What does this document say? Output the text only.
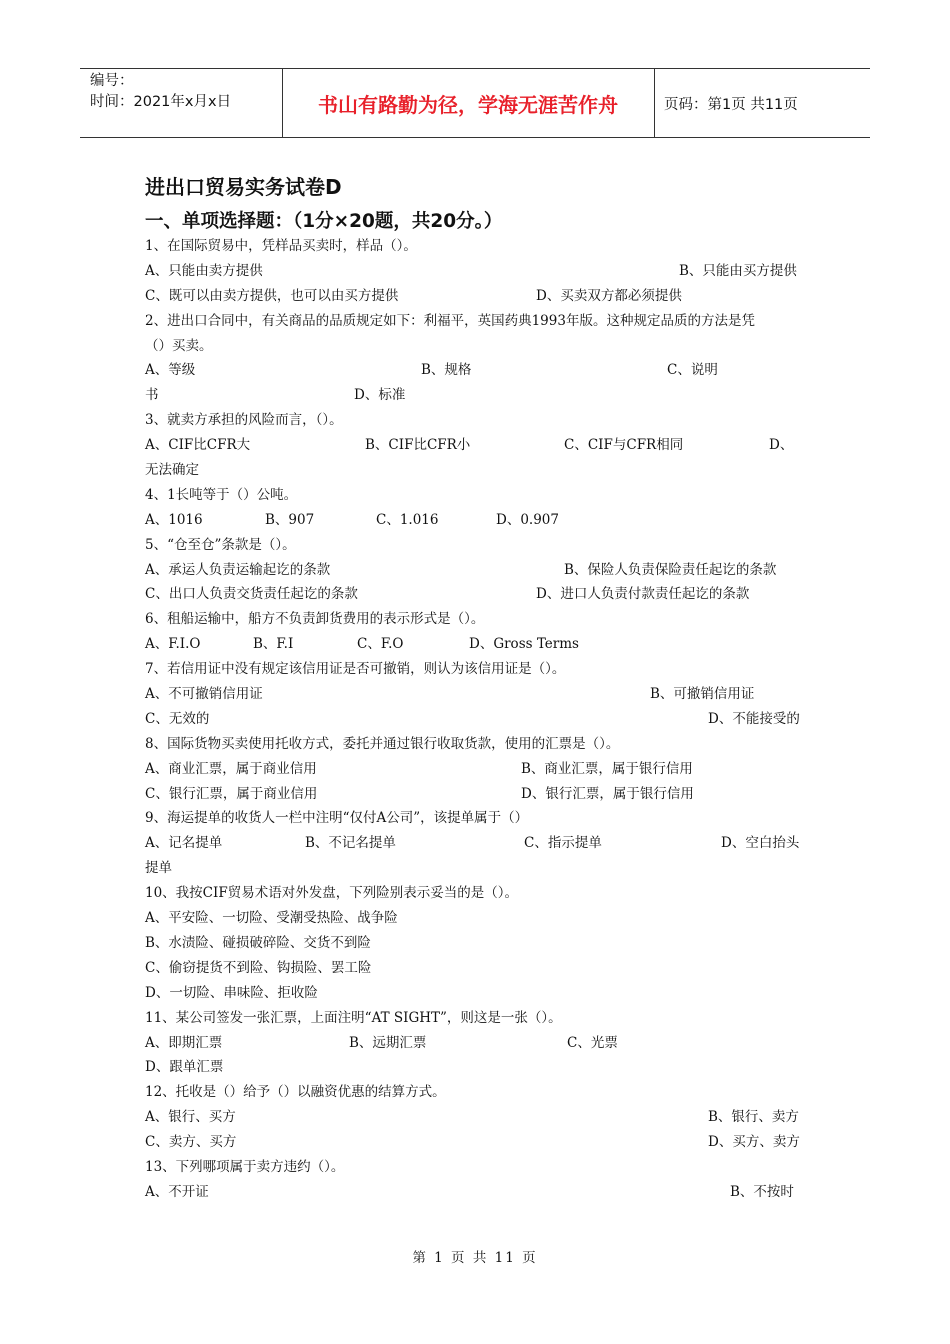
编号：
时间：2021年x月x日	书山有路勤为径，学海无涯苦作舟	页码：第1页 共11页
进出口贸易实务试卷D
一、单项选择题：（1分×20题，共20分。）
1、在国际贸易中，凭样品买卖时，样品（）。
A、只能由卖方提供	B、只能由买方提供
C、既可以由卖方提供，也可以由买方提供	D、买卖双方都必须提供
2、进出口合同中，有关商品的品质规定如下：利福平，英国药典1993年版。这种规定品质的方法是凭
（）买卖。
A、等级	B、规格	C、说明
书	D、标准
3、就卖方承担的风险而言，（）。
A、CIF比CFR大	B、CIF比CFR小	C、CIF与CFR相同	D、
无法确定
4、1长吨等于（）公吨。
A、1016	B、907	C、1.016	D、0.907
5、“仓至仓”条款是（）。
A、承运人负责运输起讫的条款	B、保险人负责保险责任起讫的条款
C、出口人负责交货责任起讫的条款	D、进口人负责付款责任起讫的条款
6、租船运输中，船方不负责卸货费用的表示形式是（）。
A、F.I.O	B、F.I	C、F.O	D、Gross Terms
7、若信用证中没有规定该信用证是否可撤销，则认为该信用证是（）。
A、不可撤销信用证	B、可撤销信用证
C、无效的	D、不能接受的
8、国际货物买卖使用托收方式，委托并通过银行收取货款，使用的汇票是（）。
A、商业汇票，属于商业信用	B、商业汇票，属于银行信用
C、银行汇票，属于商业信用	D、银行汇票，属于银行信用
9、海运提单的收货人一栏中注明“仅付A公司”，该提单属于（）
A、记名提单	B、不记名提单	C、指示提单	D、空白抬头
提单
10、我按CIF贸易术语对外发盘，下列险别表示妥当的是（）。
A、平安险、一切险、受潮受热险、战争险
B、水渍险、碰损破碎险、交货不到险
C、偷窃提货不到险、钩损险、罢工险
D、一切险、串味险、拒收险
11、某公司签发一张汇票，上面注明“AT SIGHT”，则这是一张（）。
A、即期汇票	B、远期汇票	C、光票
D、跟单汇票
12、托收是（）给予（）以融资优惠的结算方式。
A、银行、买方	B、银行、卖方
C、卖方、买方	D、买方、卖方
13、下列哪项属于卖方违约（）。
A、不开证	B、不按时
第 1 页 共 11 页
